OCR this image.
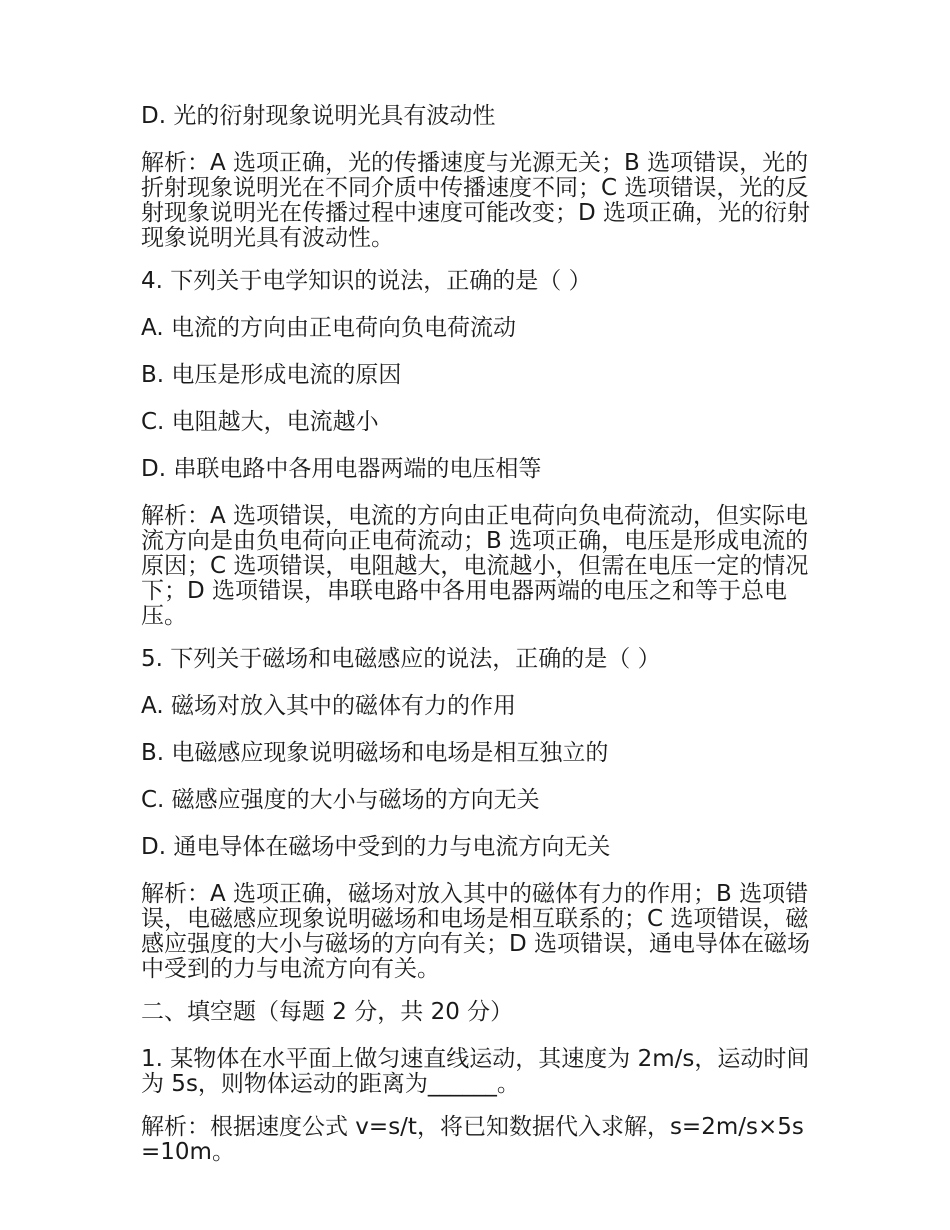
D. 光的衍射现象说明光具有波动性

解析：A 选项正确，光的传播速度与光源无关；B 选项错误，光的折射现象说明光在不同介质中传播速度不同；C 选项错误，光的反射现象说明光在传播过程中速度可能改变；D 选项正确，光的衍射现象说明光具有波动性。

4. 下列关于电学知识的说法，正确的是（ ）

A. 电流的方向由正电荷向负电荷流动

B. 电压是形成电流的原因

C. 电阻越大，电流越小

D. 串联电路中各用电器两端的电压相等

解析：A 选项错误，电流的方向由正电荷向负电荷流动，但实际电流方向是由负电荷向正电荷流动；B 选项正确，电压是形成电流的原因；C 选项错误，电阻越大，电流越小，但需在电压一定的情况下；D 选项错误，串联电路中各用电器两端的电压之和等于总电压。

5. 下列关于磁场和电磁感应的说法，正确的是（ ）

A. 磁场对放入其中的磁体有力的作用

B. 电磁感应现象说明磁场和电场是相互独立的

C. 磁感应强度的大小与磁场的方向无关

D. 通电导体在磁场中受到的力与电流方向无关

解析：A 选项正确，磁场对放入其中的磁体有力的作用；B 选项错误，电磁感应现象说明磁场和电场是相互联系的；C 选项错误，磁感应强度的大小与磁场的方向有关；D 选项错误，通电导体在磁场中受到的力与电流方向有关。

二、填空题（每题 2 分，共 20 分）

1. 某物体在水平面上做匀速直线运动，其速度为 2m/s，运动时间为 5s，则物体运动的距离为______。

解析：根据速度公式 v=s/t，将已知数据代入求解，s=2m/s×5s=10m。
